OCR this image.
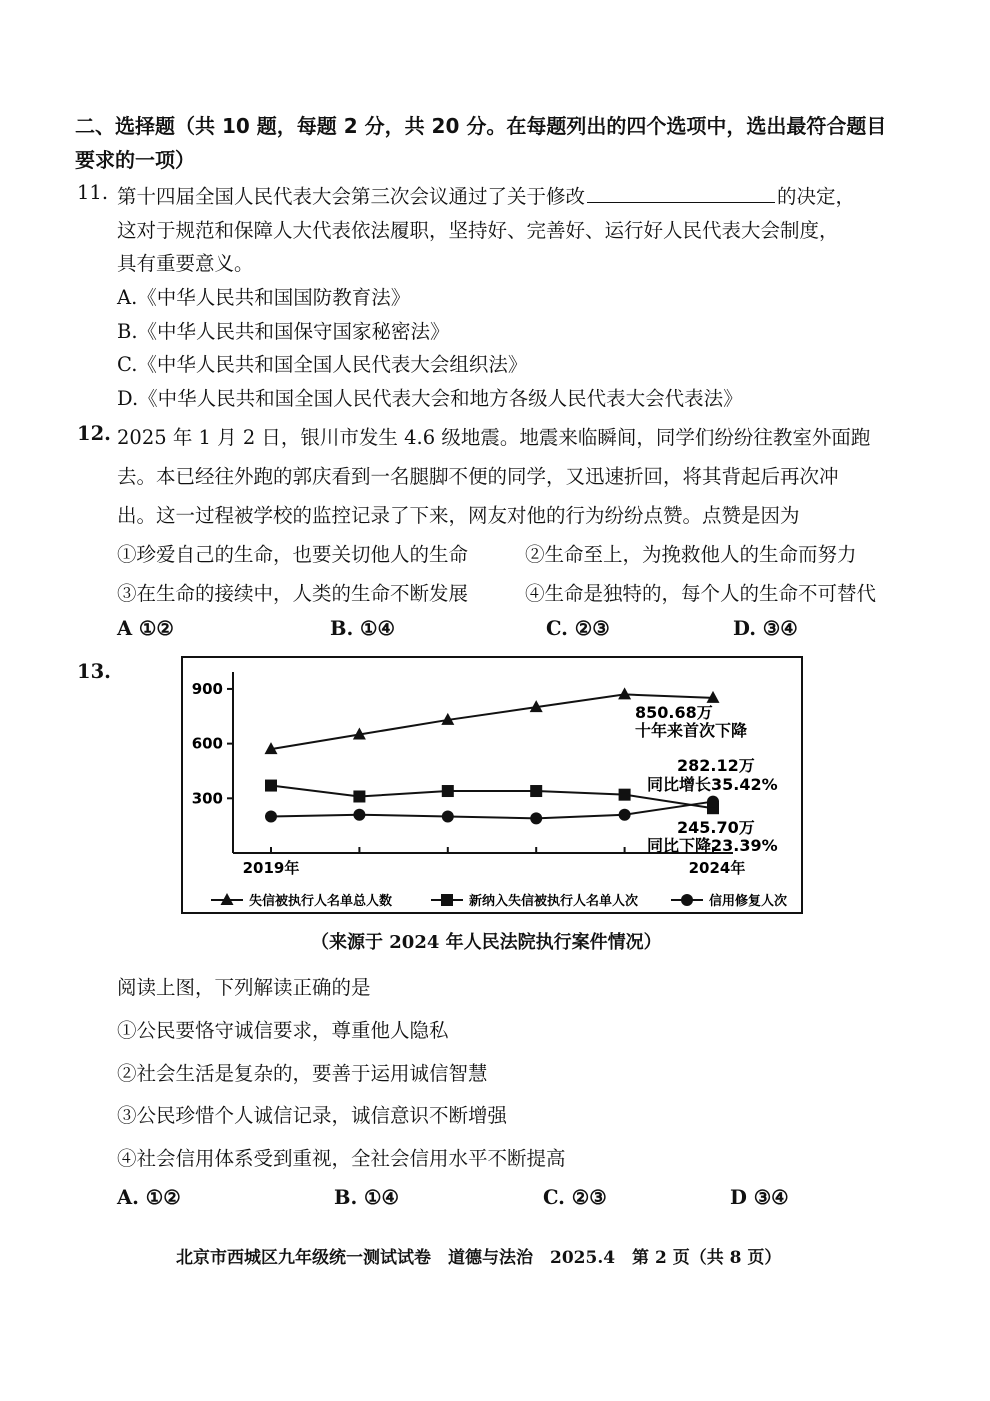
二、选择题（共 10 题，每题 2 分，共 20 分。在每题列出的四个选项中，选出最符合题目
要求的一项）
11. 第十四届全国人民代表大会第三次会议通过了关于修改	的决定，
这对于规范和保障人大代表依法履职，坚持好、完善好、运行好人民代表大会制度，
具有重要意义。
A.《中华人民共和国国防教育法》
B.《中华人民共和国保守国家秘密法》
C.《中华人民共和国全国人民代表大会组织法》
D.《中华人民共和国全国人民代表大会和地方各级人民代表大会代表法》
12. 2025 年 1 月 2 日，银川市发生 4.6 级地震。地震来临瞬间，同学们纷纷往教室外面跑
去。本已经往外跑的郭庆看到一名腿脚不便的同学，又迅速折回，将其背起后再次冲
出。这一过程被学校的监控记录了下来，网友对他的行为纷纷点赞。点赞是因为
①珍爱自己的生命，也要关切他人的生命	②生命至上，为挽救他人的生命而努力
③在生命的接续中，人类的生命不断发展	④生命是独特的，每个人的生命不可替代
A ①②	B. ①④	C. ②③	D. ③④
13.
300
600
900
2019年	2024年
850.68万
十年来首次下降
282.12万
同比增长35.42%
245.70万
同比下降23.39%
失信被执行人名单总人数	新纳入失信被执行人名单人次	信用修复人次
（来源于 2024 年人民法院执行案件情况）
阅读上图，下列解读正确的是
①公民要恪守诚信要求，尊重他人隐私
②社会生活是复杂的，要善于运用诚信智慧
③公民珍惜个人诚信记录，诚信意识不断增强
④社会信用体系受到重视，全社会信用水平不断提高
A. ①②	B. ①④	C. ②③	D ③④
北京市西城区九年级统一测试试卷　道德与法治　2025.4　第 2 页（共 8 页）
